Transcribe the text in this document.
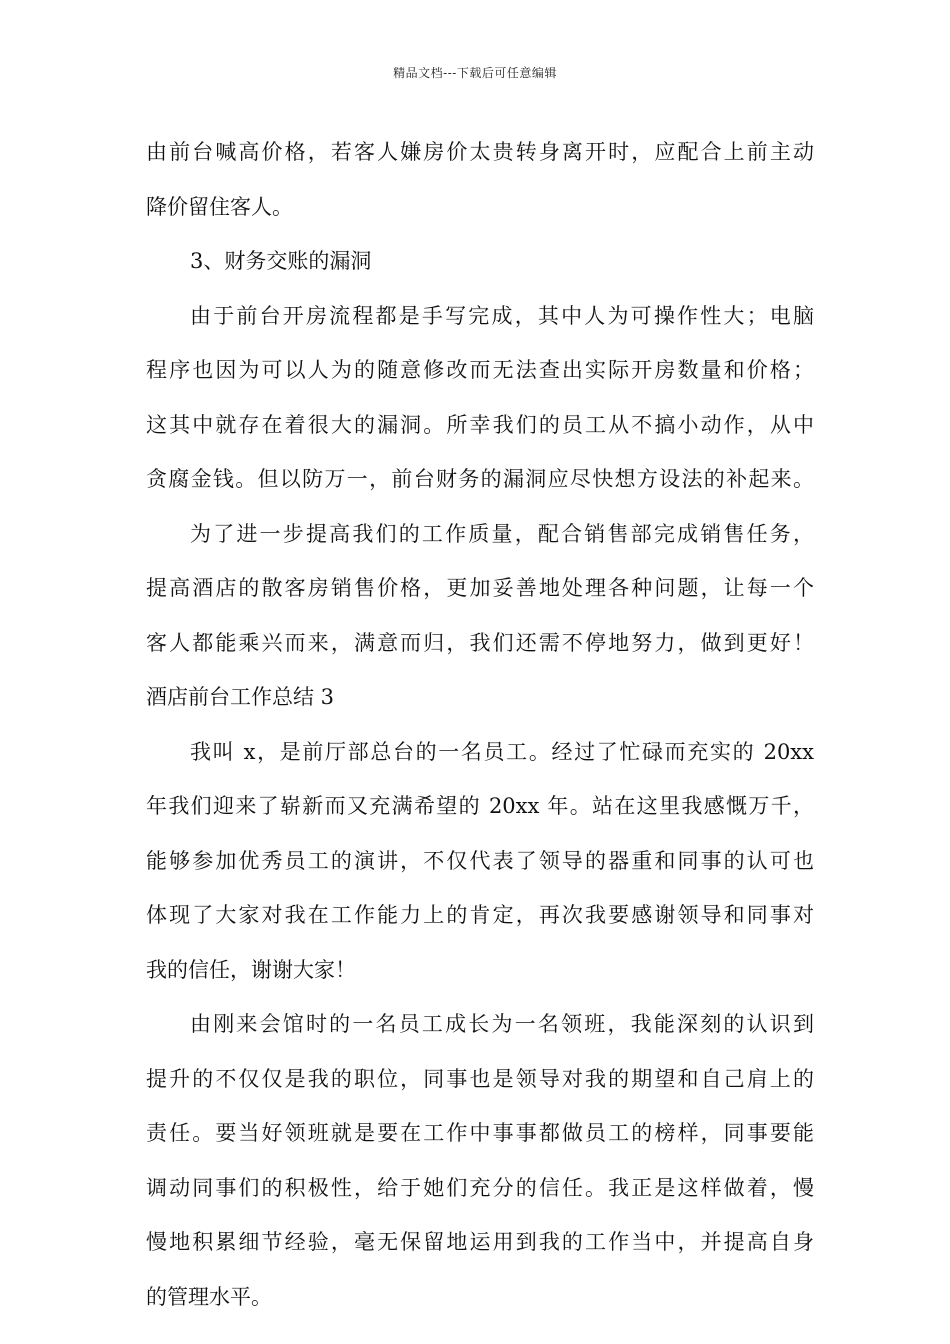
精品文档---下载后可任意编辑
由前台喊高价格，若客人嫌房价太贵转身离开时，应配合上前主动
降价留住客人。
3、财务交账的漏洞
由于前台开房流程都是手写完成，其中人为可操作性大；电脑
程序也因为可以人为的随意修改而无法查出实际开房数量和价格；
这其中就存在着很大的漏洞。所幸我们的员工从不搞小动作，从中
贪腐金钱。但以防万一，前台财务的漏洞应尽快想方设法的补起来。
为了进一步提高我们的工作质量，配合销售部完成销售任务，
提高酒店的散客房销售价格，更加妥善地处理各种问题，让每一个
客人都能乘兴而来，满意而归，我们还需不停地努力，做到更好！
酒店前台工作总结 3
我叫 x，是前厅部总台的一名员工。经过了忙碌而充实的 20xx
年我们迎来了崭新而又充满希望的 20xx 年。站在这里我感慨万千，
能够参加优秀员工的演讲，不仅代表了领导的器重和同事的认可也
体现了大家对我在工作能力上的肯定，再次我要感谢领导和同事对
我的信任，谢谢大家！
由刚来会馆时的一名员工成长为一名领班，我能深刻的认识到
提升的不仅仅是我的职位，同事也是领导对我的期望和自己肩上的
责任。要当好领班就是要在工作中事事都做员工的榜样，同事要能
调动同事们的积极性，给于她们充分的信任。我正是这样做着，慢
慢地积累细节经验，毫无保留地运用到我的工作当中，并提高自身
的管理水平。
